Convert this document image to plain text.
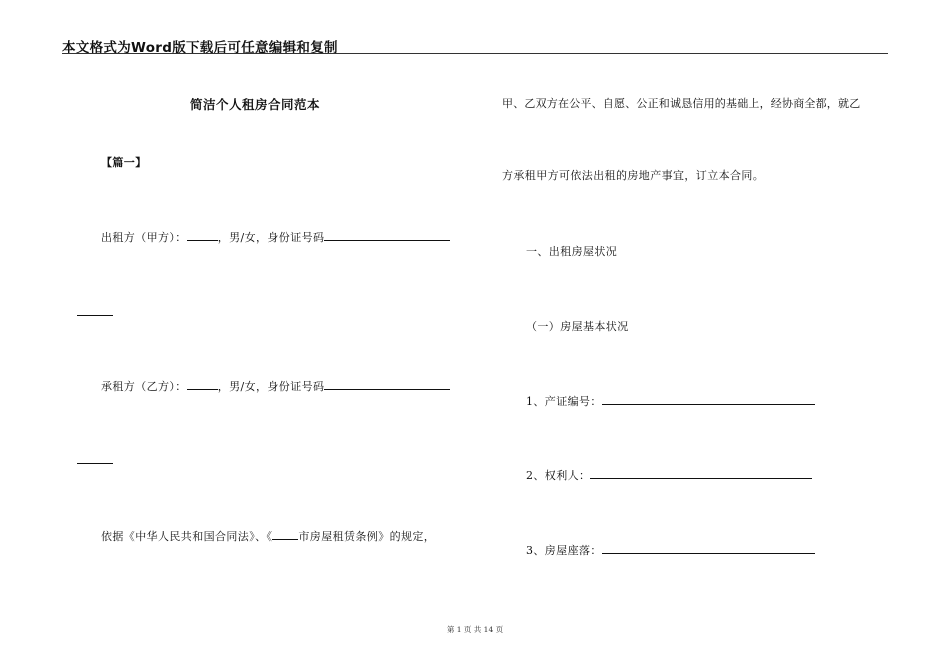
本文格式为Word版下载后可任意编辑和复制
简洁个人租房合同范本
【篇一】
出租方（甲方）：	，男/女，身份证号码
承租方（乙方）：	，男/女，身份证号码
依据《中华人民共和国合同法》、《 市房屋租赁条例》的规定，
甲、乙双方在公平、自愿、公正和诚恳信用的基础上，经协商全都，就乙
方承租甲方可依法出租的房地产事宜，订立本合同。
一、出租房屋状况
（一）房屋基本状况
1、产证编号：
2、权利人：
3、房屋座落：
第 1 页 共 14 页
